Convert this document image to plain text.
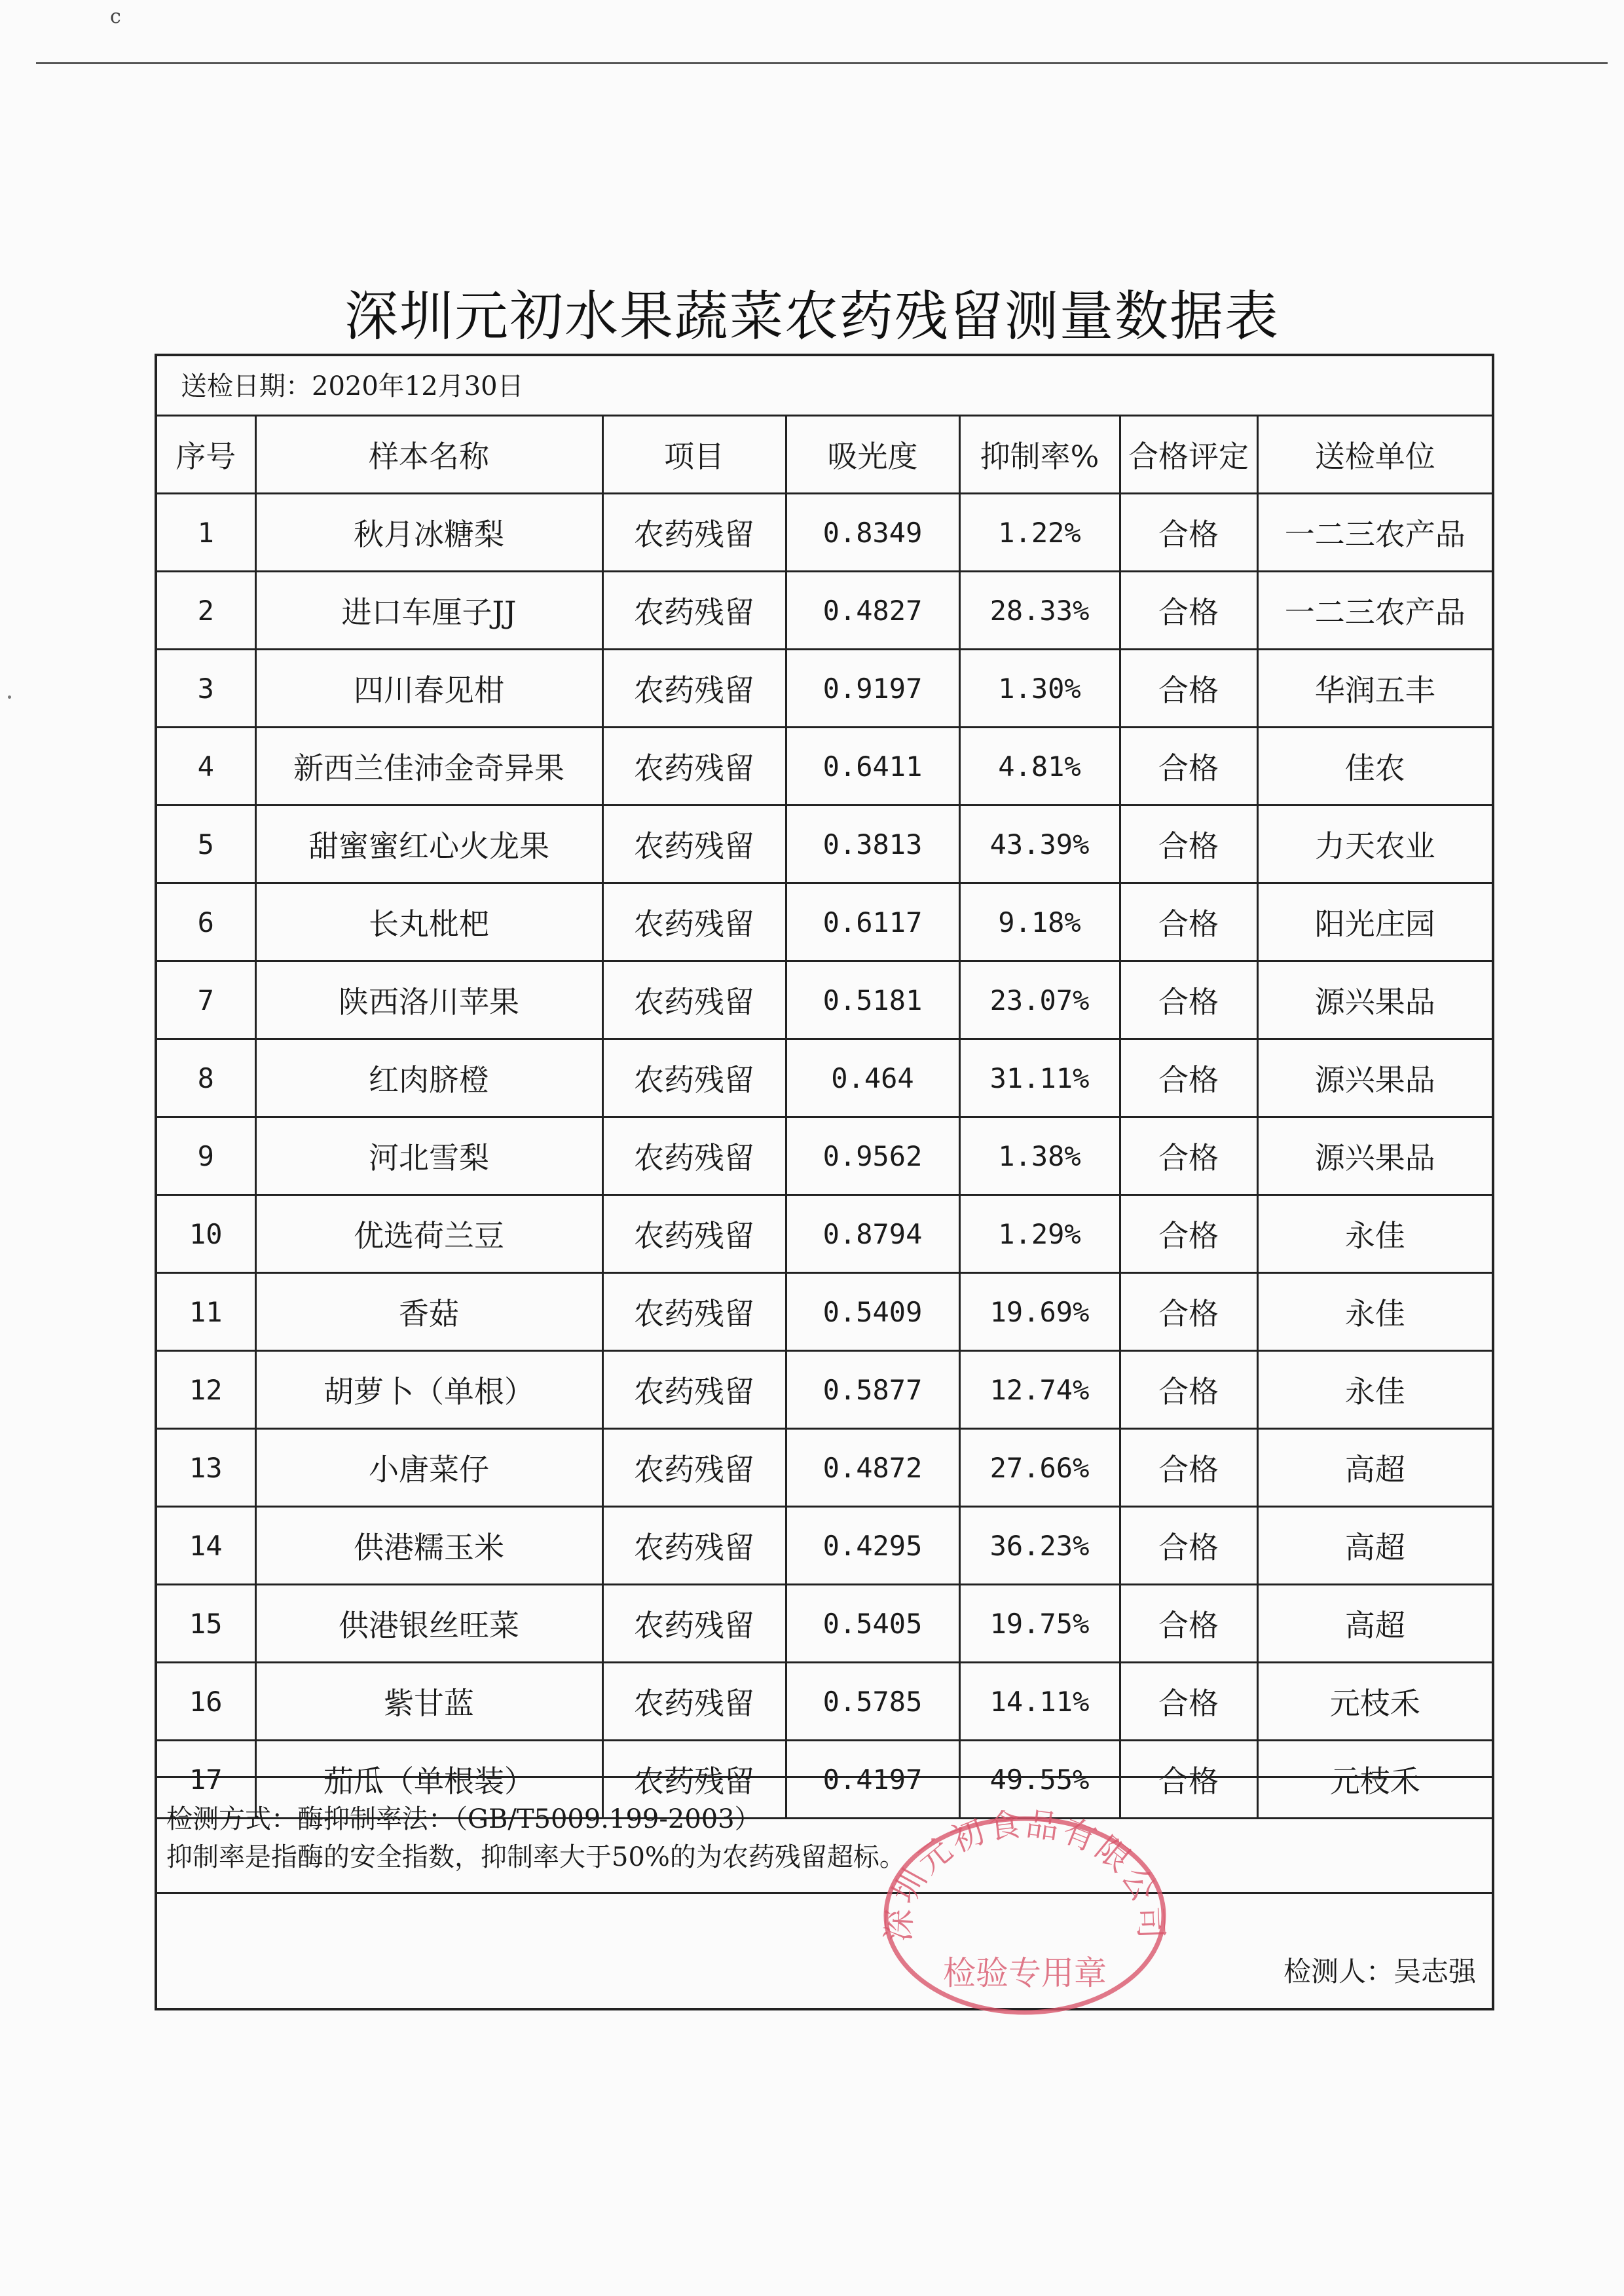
c
深圳元初水果蔬菜农药残留测量数据表
送检日期：2020年12月30日
序号	样本名称	项目	吸光度	抑制率%	合格评定	送检单位
1	秋月冰糖梨	农药残留	0.8349	1.22%	合格	一二三农产品
2	进口车厘子JJ	农药残留	0.4827	28.33%	合格	一二三农产品
3	四川春见柑	农药残留	0.9197	1.30%	合格	华润五丰
4	新西兰佳沛金奇异果	农药残留	0.6411	4.81%	合格	佳农
5	甜蜜蜜红心火龙果	农药残留	0.3813	43.39%	合格	力天农业
6	长丸枇杷	农药残留	0.6117	9.18%	合格	阳光庄园
7	陕西洛川苹果	农药残留	0.5181	23.07%	合格	源兴果品
8	红肉脐橙	农药残留	0.464	31.11%	合格	源兴果品
9	河北雪梨	农药残留	0.9562	1.38%	合格	源兴果品
10	优选荷兰豆	农药残留	0.8794	1.29%	合格	永佳
11	香菇	农药残留	0.5409	19.69%	合格	永佳
12	胡萝卜（单根）	农药残留	0.5877	12.74%	合格	永佳
13	小唐菜仔	农药残留	0.4872	27.66%	合格	高超
14	供港糯玉米	农药残留	0.4295	36.23%	合格	高超
15	供港银丝旺菜	农药残留	0.5405	19.75%	合格	高超
16	紫甘蓝	农药残留	0.5785	14.11%	合格	元枝禾
17	茄瓜（单根装）	农药残留	0.4197	49.55%	合格	元枝禾
检测方式：酶抑制率法：（GB/T5009.199-2003）
抑制率是指酶的安全指数，抑制率大于50%的为农药残留超标。
检测人：吴志强
深圳元初食品有限公司
检验专用章
